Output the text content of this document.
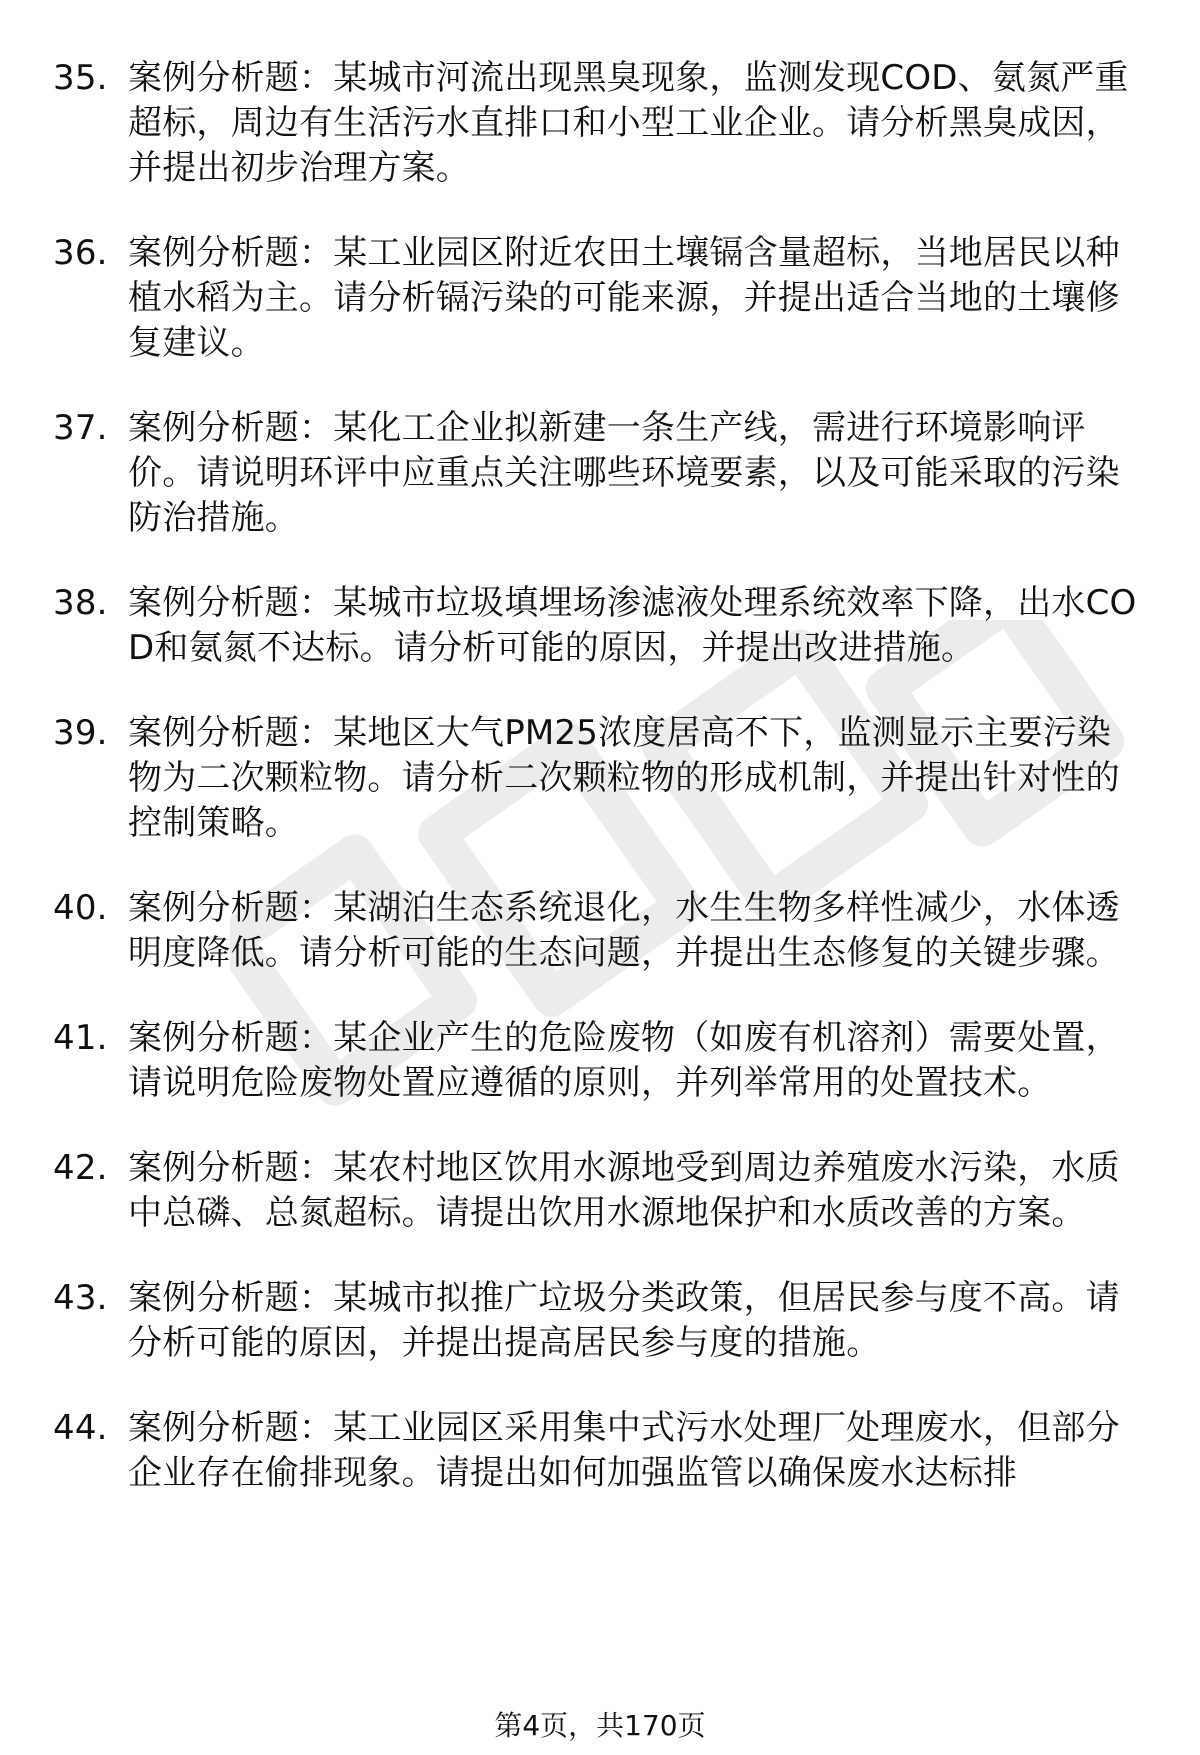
35. 案例分析题：某城市河流出现黑臭现象，监测发现COD、氨氮严重超标，周边有生活污水直排口和小型工业企业。请分析黑臭成因，并提出初步治理方案。
36. 案例分析题：某工业园区附近农田土壤镉含量超标，当地居民以种植水稻为主。请分析镉污染的可能来源，并提出适合当地的土壤修复建议。
37. 案例分析题：某化工企业拟新建一条生产线，需进行环境影响评价。请说明环评中应重点关注哪些环境要素，以及可能采取的污染防治措施。
38. 案例分析题：某城市垃圾填埋场渗滤液处理系统效率下降，出水COD和氨氮不达标。请分析可能的原因，并提出改进措施。
39. 案例分析题：某地区大气PM25浓度居高不下，监测显示主要污染物为二次颗粒物。请分析二次颗粒物的形成机制，并提出针对性的控制策略。
40. 案例分析题：某湖泊生态系统退化，水生生物多样性减少，水体透明度降低。请分析可能的生态问题，并提出生态修复的关键步骤。
41. 案例分析题：某企业产生的危险废物（如废有机溶剂）需要处置，请说明危险废物处置应遵循的原则，并列举常用的处置技术。
42. 案例分析题：某农村地区饮用水源地受到周边养殖废水污染，水质中总磷、总氮超标。请提出饮用水源地保护和水质改善的方案。
43. 案例分析题：某城市拟推广垃圾分类政策，但居民参与度不高。请分析可能的原因，并提出提高居民参与度的措施。
44. 案例分析题：某工业园区采用集中式污水处理厂处理废水，但部分企业存在偷排现象。请提出如何加强监管以确保废水达标排
第4页，共170页
